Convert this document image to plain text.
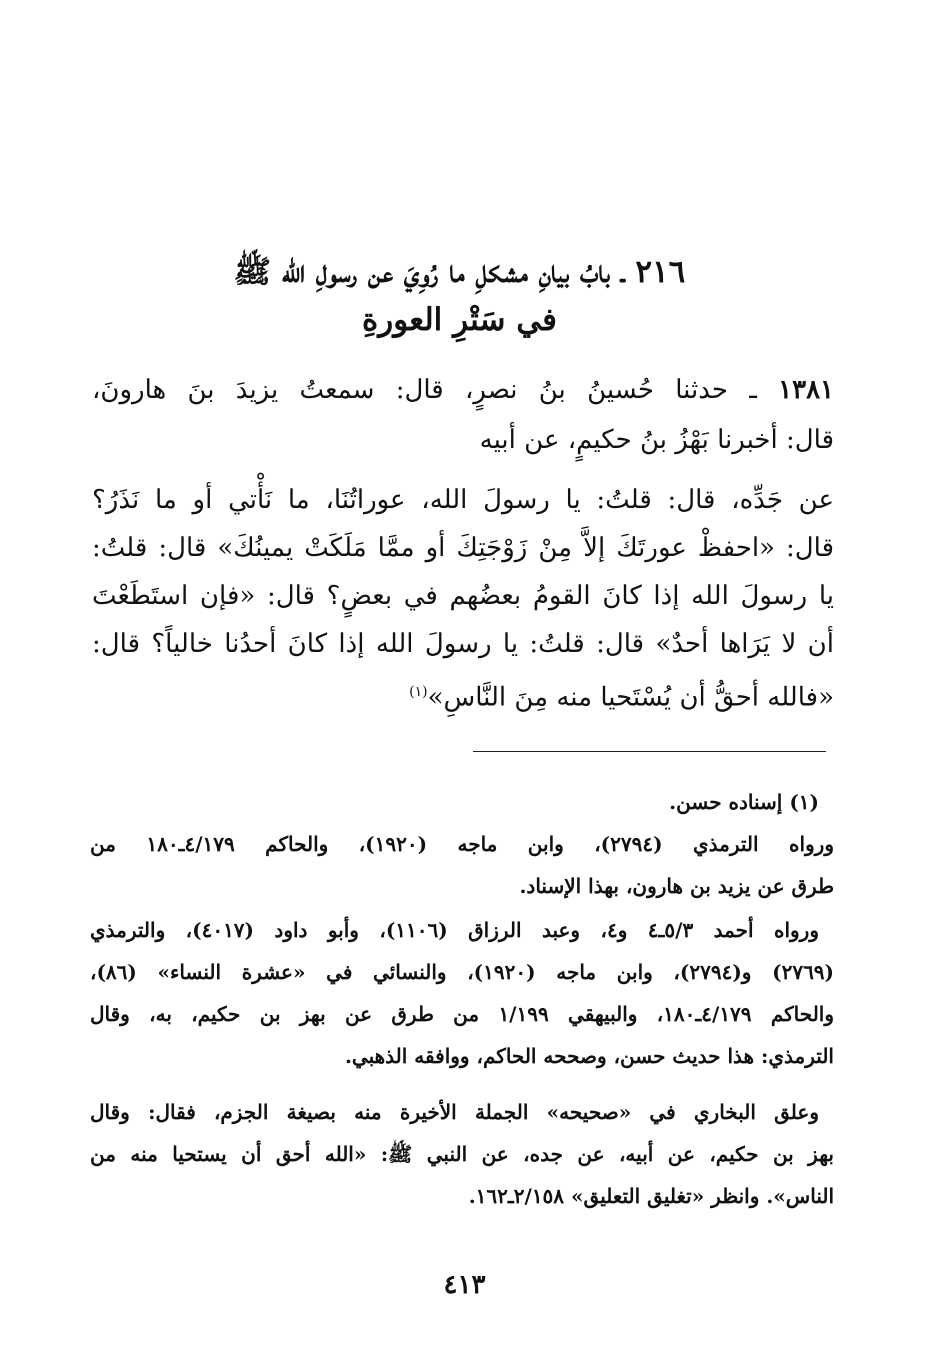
٢١٦ ـ بابُ بيانِ مشكلِ ما رُوِيَ عن رسولِ الله ﷺ
في سَتْرِ العورةِ
١٣٨١ ـ حدثنا حُسينُ بنُ نصرٍ، قال: سمعتُ يزيدَ بنَ هارونَ،
قال: أخبرنا بَهْزُ بنُ حكيمٍ، عن أبيه
عن جَدِّه، قال: قلتُ: يا رسولَ الله، عوراتُنَا، ما نَأْتي أو ما نَذَرُ؟
قال: «احفظْ عورتَكَ إلاَّ مِنْ زَوْجَتِكَ أو ممَّا مَلَكَتْ يمينُكَ» قال: قلتُ:
يا رسولَ الله إذا كانَ القومُ بعضُهم في بعضٍ؟ قال: «فإن استَطَعْتَ
أن لا يَرَاها أحدٌ» قال: قلتُ: يا رسولَ الله إذا كانَ أحدُنا خالياً؟ قال:
«فالله أحقُّ أن يُسْتَحيا منه مِنَ النَّاسِ»$^{(١)}$
(١) إسناده حسن.
ورواه الترمذي (٢٧٩٤)، وابن ماجه (١٩٢٠)، والحاكم ٤/١٧٩ـ١٨٠ من
طرق عن يزيد بن هارون، بهذا الإسناد.
ورواه أحمد ٥/٣ـ٤ و٤، وعبد الرزاق (١١٠٦)، وأبو داود (٤٠١٧)، والترمذي
(٢٧٦٩) و(٢٧٩٤)، وابن ماجه (١٩٢٠)، والنسائي في «عشرة النساء» (٨٦)،
والحاكم ٤/١٧٩ـ١٨٠، والبيهقي ١/١٩٩ من طرق عن بهز بن حكيم، به، وقال
الترمذي: هذا حديث حسن، وصححه الحاكم، ووافقه الذهبي.
وعلق البخاري في «صحيحه» الجملة الأخيرة منه بصيغة الجزم، فقال: وقال
بهز بن حكيم، عن أبيه، عن جده، عن النبي ﷺ: «الله أحق أن يستحيا منه من
الناس». وانظر «تغليق التعليق» ٢/١٥٨ـ١٦٢.
٤١٣
